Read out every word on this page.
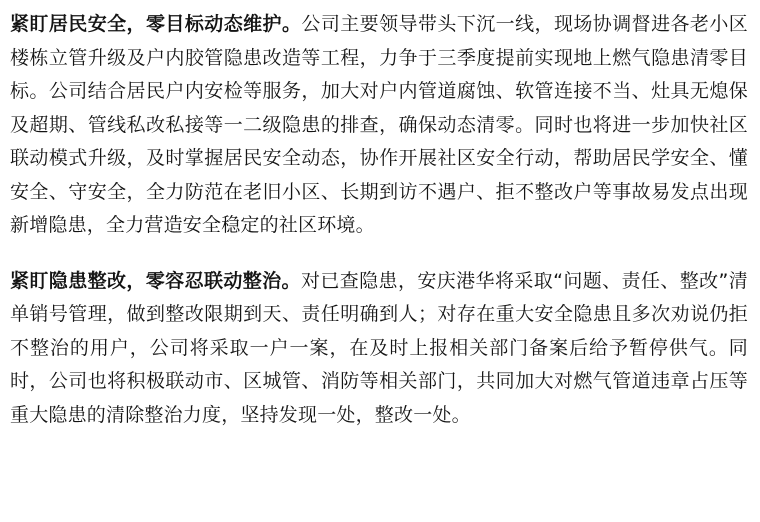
紧盯居民安全，零目标动态维护。公司主要领导带头下沉一线，现场协调督进各老小区楼栋立管升级及户内胶管隐患改造等工程，力争于三季度提前实现地上燃气隐患清零目标。公司结合居民户内安检等服务，加大对户内管道腐蚀、软管连接不当、灶具无熄保及超期、管线私改私接等一二级隐患的排查，确保动态清零。同时也将进一步加快社区联动模式升级，及时掌握居民安全动态，协作开展社区安全行动，帮助居民学安全、懂安全、守安全，全力防范在老旧小区、长期到访不遇户、拒不整改户等事故易发点出现新增隐患，全力营造安全稳定的社区环境。

紧盯隐患整改，零容忍联动整治。对已查隐患，安庆港华将采取“问题、责任、整改”清单销号管理，做到整改限期到天、责任明确到人；对存在重大安全隐患且多次劝说仍拒不整治的用户，公司将采取一户一案，在及时上报相关部门备案后给予暂停供气。同时，公司也将积极联动市、区城管、消防等相关部门，共同加大对燃气管道违章占压等重大隐患的清除整治力度，坚持发现一处，整改一处。
